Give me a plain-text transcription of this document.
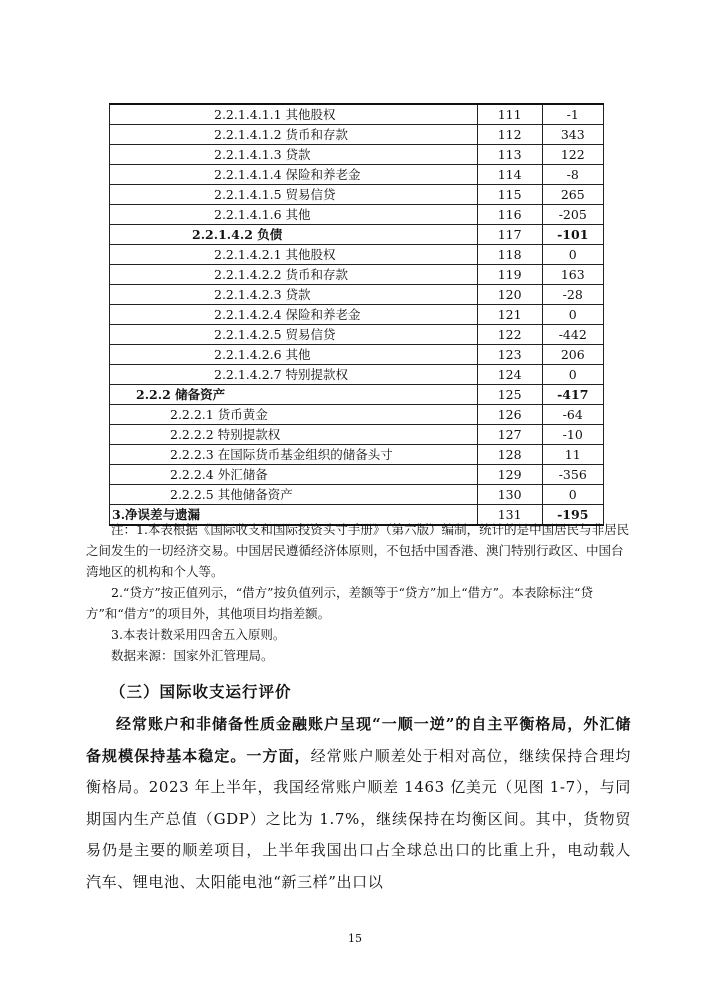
2.2.1.4.1.1 其他股权	111	-1
2.2.1.4.1.2 货币和存款	112	343
2.2.1.4.1.3 贷款	113	122
2.2.1.4.1.4 保险和养老金	114	-8
2.2.1.4.1.5 贸易信贷	115	265
2.2.1.4.1.6 其他	116	-205
2.2.1.4.2 负债	117	-101
2.2.1.4.2.1 其他股权	118	0
2.2.1.4.2.2 货币和存款	119	163
2.2.1.4.2.3 贷款	120	-28
2.2.1.4.2.4 保险和养老金	121	0
2.2.1.4.2.5 贸易信贷	122	-442
2.2.1.4.2.6 其他	123	206
2.2.1.4.2.7 特别提款权	124	0
2.2.2 储备资产	125	-417
2.2.2.1 货币黄金	126	-64
2.2.2.2 特别提款权	127	-10
2.2.2.3 在国际货币基金组织的储备头寸	128	11
2.2.2.4 外汇储备	129	-356
2.2.2.5 其他储备资产	130	0
3.净误差与遗漏	131	-195

注：1.本表根据《国际收支和国际投资头寸手册》（第六版）编制，统计的是中国居民与非居民之间发生的一切经济交易。中国居民遵循经济体原则，不包括中国香港、澳门特别行政区、中国台湾地区的机构和个人等。

2.“贷方”按正值列示，“借方”按负值列示，差额等于“贷方”加上“借方”。本表除标注“贷方”和“借方”的项目外，其他项目均指差额。

3.本表计数采用四舍五入原则。

数据来源：国家外汇管理局。

（三）国际收支运行评价
经常账户和非储备性质金融账户呈现“一顺一逆”的自主平衡格局，外汇储备规模保持基本稳定。一方面，经常账户顺差处于相对高位，继续保持合理均衡格局。2023 年上半年，我国经常账户顺差 1463 亿美元（见图 1-7），与同期国内生产总值（GDP）之比为 1.7%，继续保持在均衡区间。其中，货物贸易仍是主要的顺差项目，上半年我国出口占全球总出口的比重上升，电动载人汽车、锂电池、太阳能电池“新三样”出口以
15
